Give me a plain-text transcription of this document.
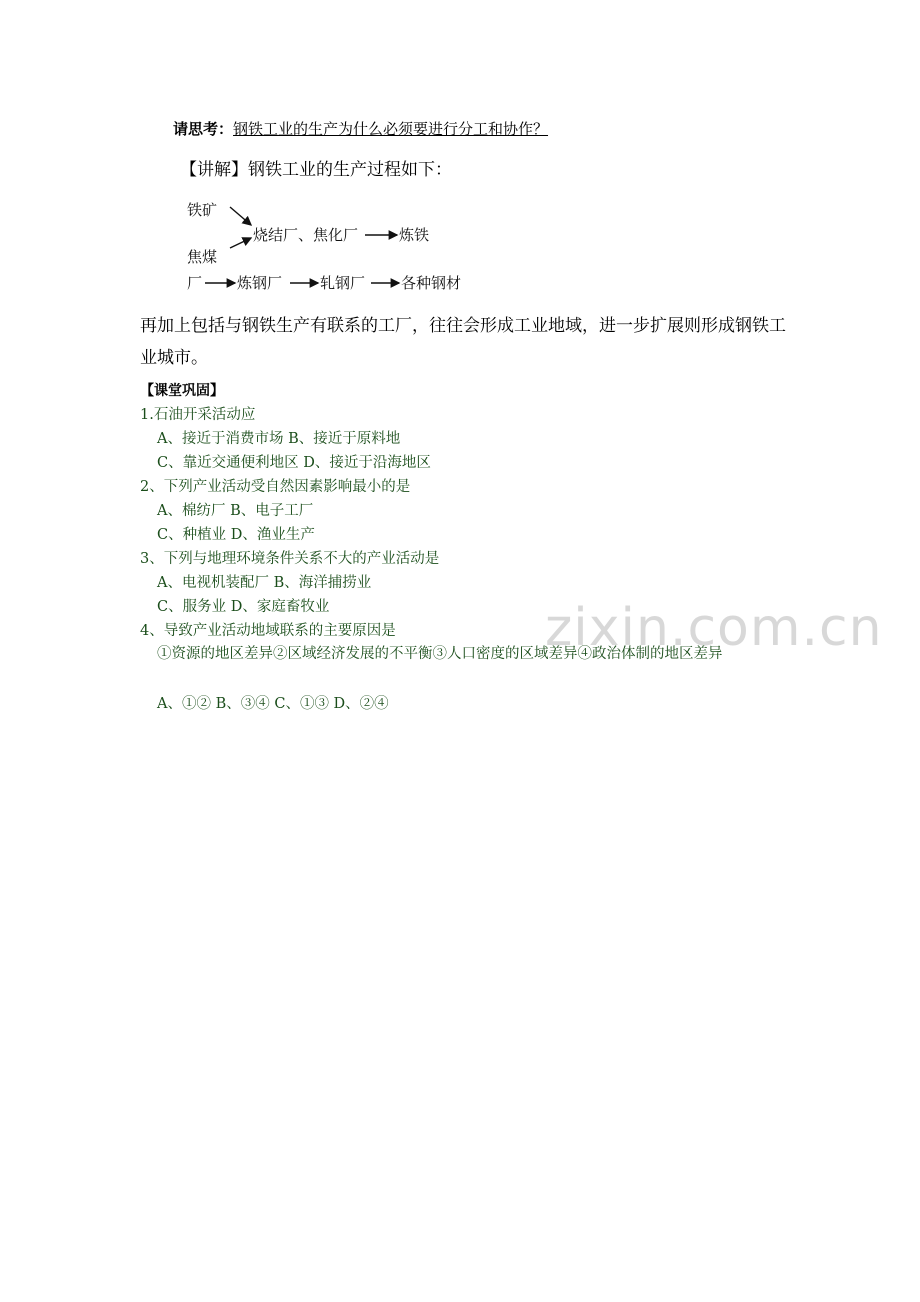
请思考：钢铁工业的生产为什么必须要进行分工和协作？
【讲解】钢铁工业的生产过程如下：
铁矿
焦煤
烧结厂、焦化厂	炼铁
厂 炼钢厂	轧钢厂 各种钢材
再加上包括与钢铁生产有联系的工厂，往往会形成工业地域，进一步扩展则形成钢铁工业城市。
【课堂巩固】
1.石油开采活动应
A、接近于消费市场 B、接近于原料地
C、靠近交通便利地区 D、接近于沿海地区
2、下列产业活动受自然因素影响最小的是
A、棉纺厂 B、电子工厂
C、种植业 D、渔业生产
3、下列与地理环境条件关系不大的产业活动是
A、电视机装配厂 B、海洋捕捞业
C、服务业 D、家庭畜牧业
4、导致产业活动地域联系的主要原因是
①资源的地区差异②区域经济发展的不平衡③人口密度的区域差异④政治体制的地区差异
A、①② B、③④ C、①③ D、②④
zixin.com.cn
